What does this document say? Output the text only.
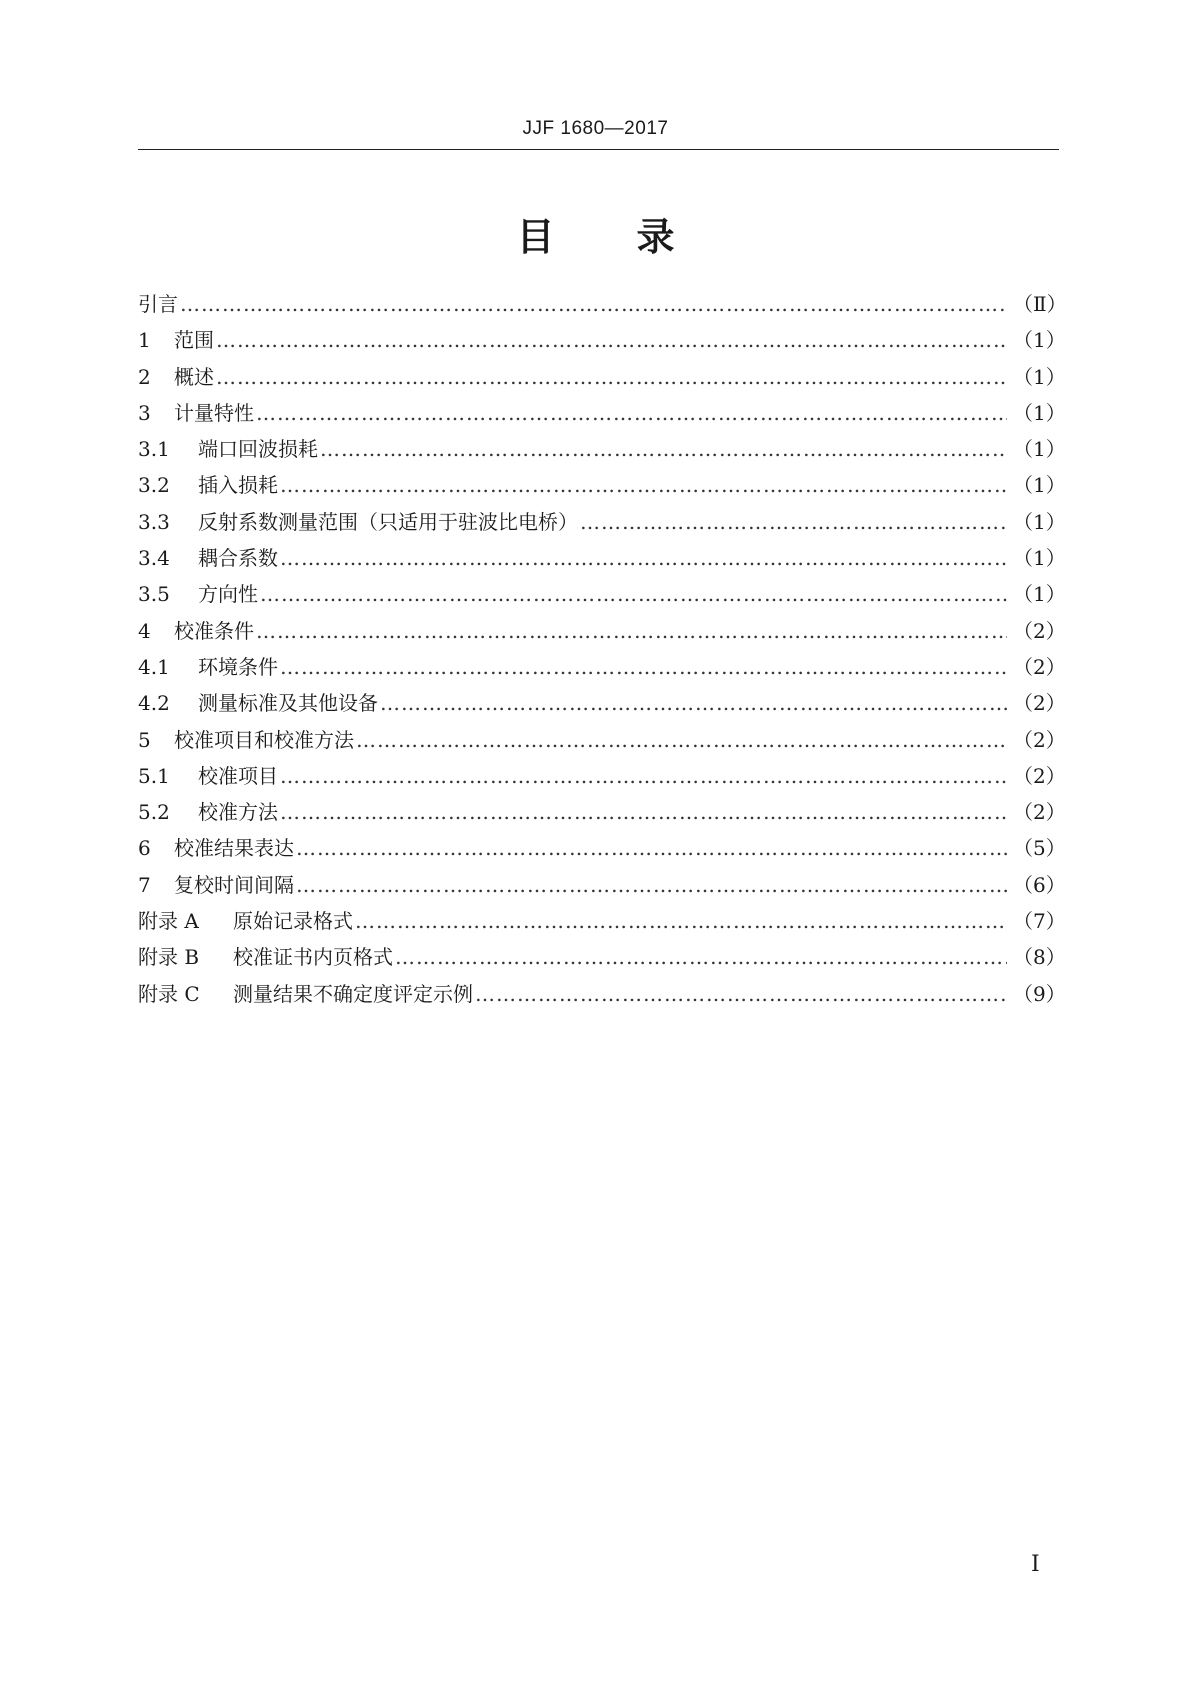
JJF 1680—2017
目 录
引言 ……………………………………………………………………………………………………………………………………………………………………………………………………………………………………………………	（Ⅱ）
1	范围 ……………………………………………………………………………………………………………………………………………………………………………………………………………………………………………………	（1）
2	概述 ……………………………………………………………………………………………………………………………………………………………………………………………………………………………………………………	（1）
3	计量特性 ……………………………………………………………………………………………………………………………………………………………………………………………………………………………………………………	（1）
3.1	端口回波损耗 ……………………………………………………………………………………………………………………………………………………………………………………………………………………………………………………	（1）
3.2	插入损耗 ……………………………………………………………………………………………………………………………………………………………………………………………………………………………………………………	（1）
3.3	反射系数测量范围（只适用于驻波比电桥） ……………………………………………………………………………………………………………………………………………………………………………………………………………………………………………………	（1）
3.4	耦合系数 ……………………………………………………………………………………………………………………………………………………………………………………………………………………………………………………	（1）
3.5	方向性 ……………………………………………………………………………………………………………………………………………………………………………………………………………………………………………………	（1）
4	校准条件 ……………………………………………………………………………………………………………………………………………………………………………………………………………………………………………………	（2）
4.1	环境条件 ……………………………………………………………………………………………………………………………………………………………………………………………………………………………………………………	（2）
4.2	测量标准及其他设备 ……………………………………………………………………………………………………………………………………………………………………………………………………………………………………………………	（2）
5	校准项目和校准方法 ……………………………………………………………………………………………………………………………………………………………………………………………………………………………………………………	（2）
5.1	校准项目 ……………………………………………………………………………………………………………………………………………………………………………………………………………………………………………………	（2）
5.2	校准方法 ……………………………………………………………………………………………………………………………………………………………………………………………………………………………………………………	（2）
6	校准结果表达 ……………………………………………………………………………………………………………………………………………………………………………………………………………………………………………………	（5）
7	复校时间间隔 ……………………………………………………………………………………………………………………………………………………………………………………………………………………………………………………	（6）
附录 A	原始记录格式 ……………………………………………………………………………………………………………………………………………………………………………………………………………………………………………………	（7）
附录 B	校准证书内页格式 ……………………………………………………………………………………………………………………………………………………………………………………………………………………………………………………	（8）
附录 C	测量结果不确定度评定示例 ……………………………………………………………………………………………………………………………………………………………………………………………………………………………………………………	（9）
Ⅰ
